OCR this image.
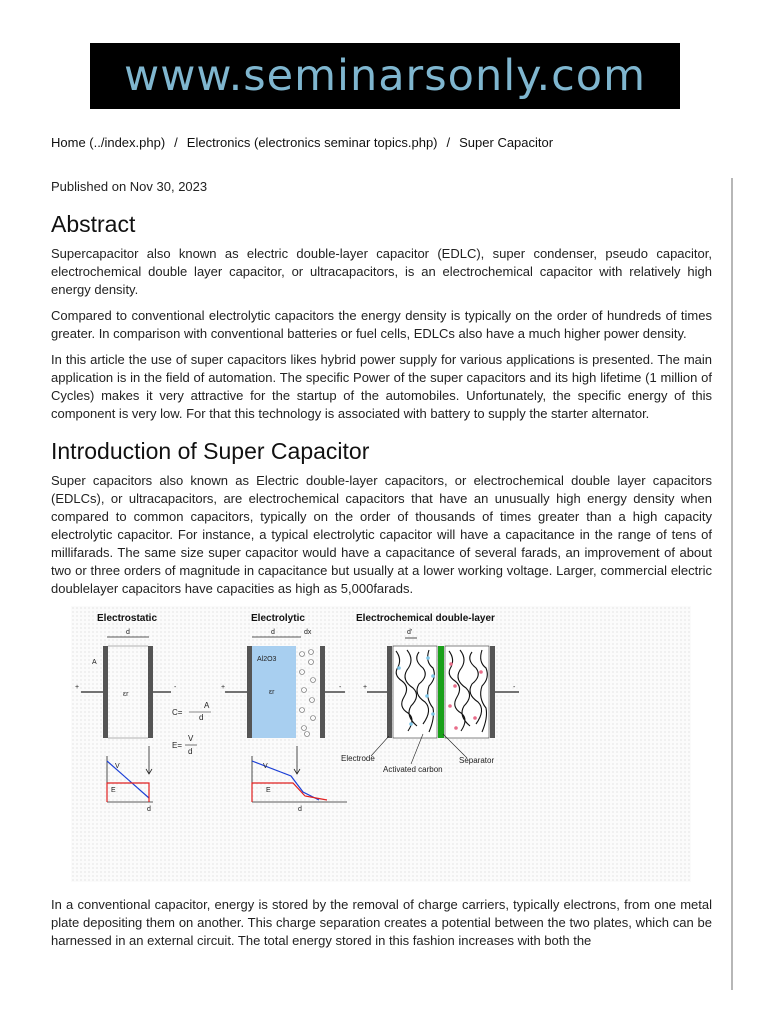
www.seminarsonly.com
Home (../index.php) / Electronics (electronics seminar topics.php) / Super Capacitor

Published on Nov 30, 2023

Abstract

Supercapacitor also known as electric double-layer capacitor (EDLC), super condenser, pseudo capacitor, electrochemical double layer capacitor, or ultracapacitors, is an electrochemical capacitor with relatively high energy density.

Compared to conventional electrolytic capacitors the energy density is typically on the order of hundreds of times greater. In comparison with conventional batteries or fuel cells, EDLCs also have a much higher power density.

In this article the use of super capacitors likes hybrid power supply for various applications is presented. The main application is in the field of automation. The specific Power of the super capacitors and its high lifetime (1 million of Cycles) makes it very attractive for the startup of the automobiles. Unfortunately, the specific energy of this component is very low. For that this technology is associated with battery to supply the starter alternator.

Introduction of Super Capacitor

Super capacitors also known as Electric double-layer capacitors, or electrochemical double layer capacitors (EDLCs), or ultracapacitors, are electrochemical capacitors that have an unusually high energy density when compared to common capacitors, typically on the order of thousands of times greater than a high capacity electrolytic capacitor. For instance, a typical electrolytic capacitor will have a capacitance in the range of tens of millifarads. The same size super capacitor would have a capacitance of several farads, an improvement of about two or three orders of magnitude in capacitance but usually at a lower working voltage. Larger, commercial electric doublelayer capacitors have capacities as high as 5,000farads.

Electrostatic	Electrolytic	Electrochemical double-layer
d
A
εr
+	-
C=
A
d
E=
V
d
V
E
d
d	dx
Al2O3
εr
+	-
V
E
d
d'
+	-
Electrode
Activated carbon
Separator

In a conventional capacitor, energy is stored by the removal of charge carriers, typically electrons, from one metal plate depositing them on another. This charge separation creates a potential between the two plates, which can be harnessed in an external circuit. The total energy stored in this fashion increases with both the
